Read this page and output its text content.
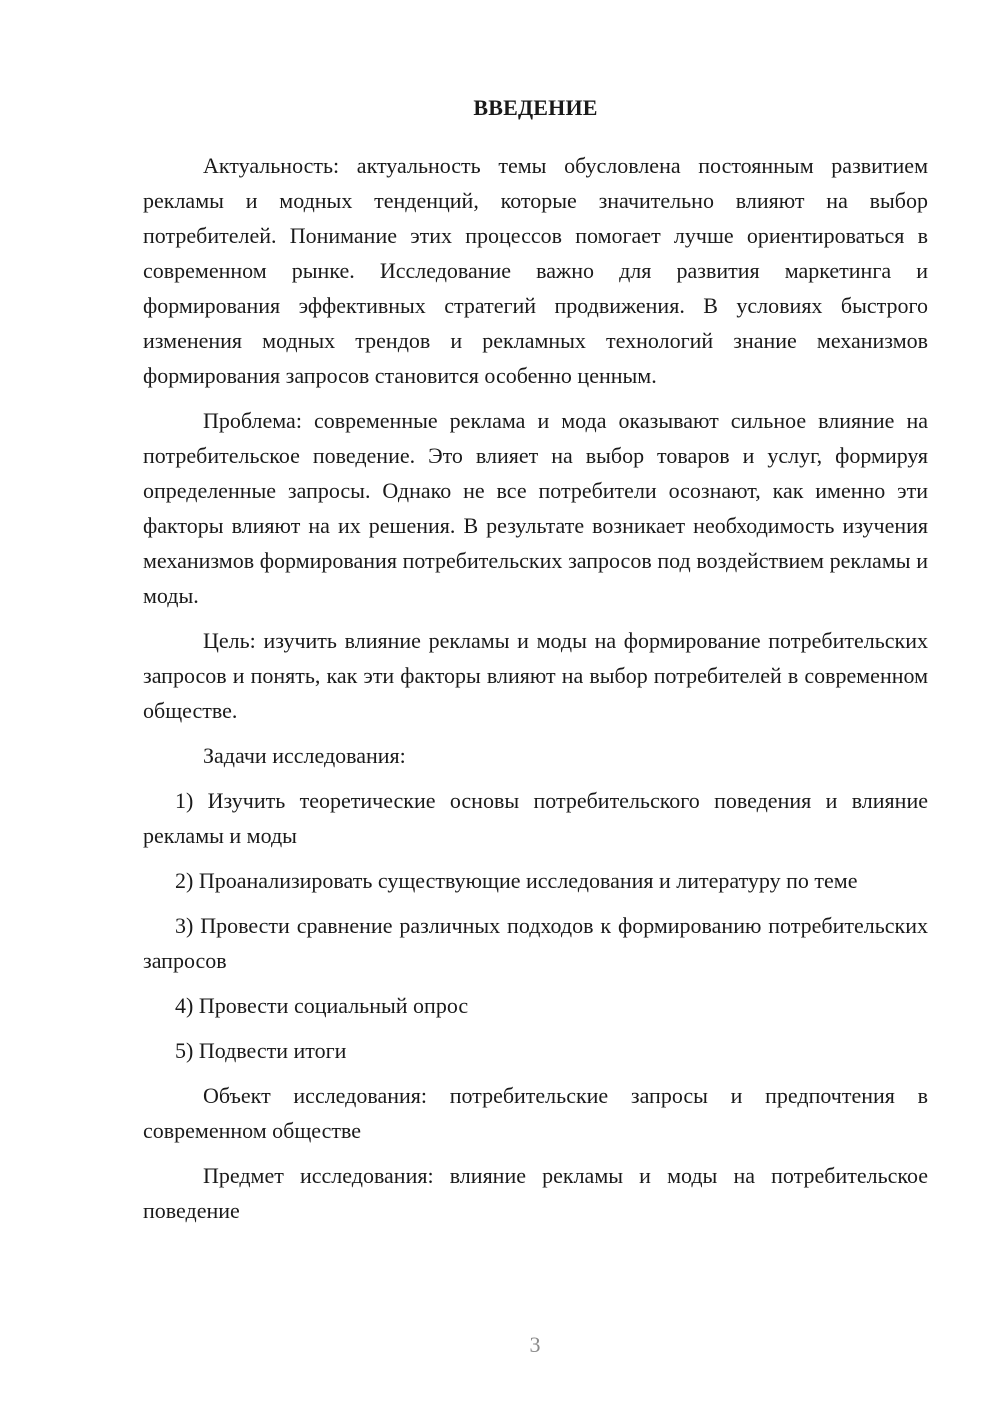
ВВЕДЕНИЕ

Актуальность: актуальность темы обусловлена постоянным развитием рекламы и модных тенденций, которые значительно влияют на выбор потребителей. Понимание этих процессов помогает лучше ориентироваться в современном рынке. Исследование важно для развития маркетинга и формирования эффективных стратегий продвижения. В условиях быстрого изменения модных трендов и рекламных технологий знание механизмов формирования запросов становится особенно ценным.

Проблема: современные реклама и мода оказывают сильное влияние на потребительское поведение. Это влияет на выбор товаров и услуг, формируя определенные запросы. Однако не все потребители осознают, как именно эти факторы влияют на их решения. В результате возникает необходимость изучения механизмов формирования потребительских запросов под воздействием рекламы и моды.

Цель: изучить влияние рекламы и моды на формирование потребительских запросов и понять, как эти факторы влияют на выбор потребителей в современном обществе.

Задачи исследования:

1) Изучить теоретические основы потребительского поведения и влияние рекламы и моды

2) Проанализировать существующие исследования и литературу по теме

3) Провести сравнение различных подходов к формированию потребительских запросов

4) Провести социальный опрос

5) Подвести итоги

Объект исследования: потребительские запросы и предпочтения в современном обществе

Предмет исследования: влияние рекламы и моды на потребительское поведение

3
